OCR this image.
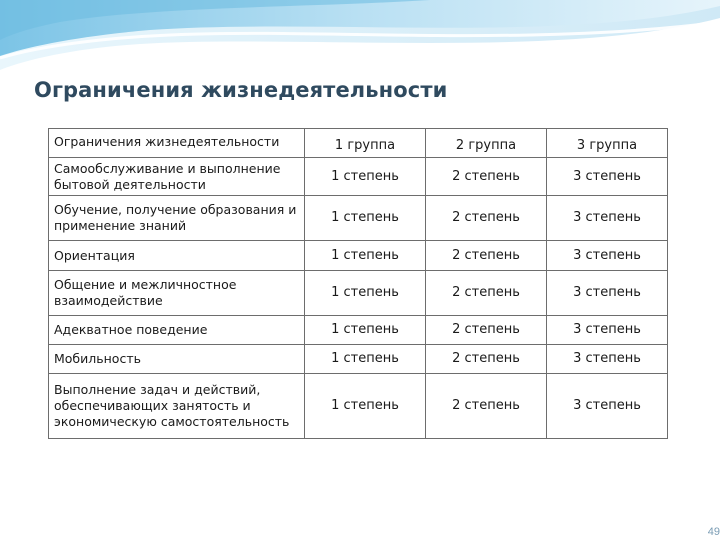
Ограничения жизнедеятельности
Ограничения жизнедеятельности	1 группа	2 группа	3 группа
Самообслуживание и выполнение бытовой деятельности	1 степень	2 степень	3 степень
Обучение, получение образования и применение знаний	1 степень	2 степень	3 степень
Ориентация	1 степень	2 степень	3 степень
Общение и межличностное взаимодействие	1 степень	2 степень	3 степень
Адекватное поведение	1 степень	2 степень	3 степень
Мобильность	1 степень	2 степень	3 степень
Выполнение задач и действий, обеспечивающих занятость и экономическую самостоятельность	1 степень	2 степень	3 степень
49
